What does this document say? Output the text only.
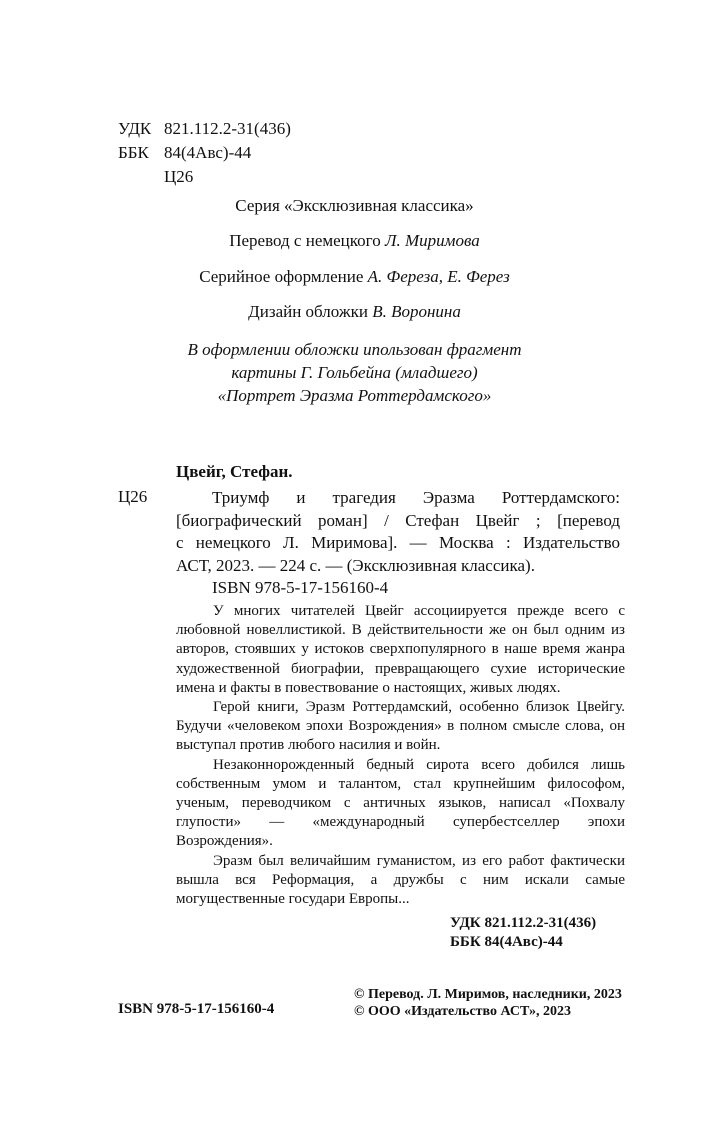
УДК 821.112.2-31(436)
ББК 84(4Авс)-44
Ц26
Серия «Эксклюзивная классика»
Перевод с немецкого Л. Миримова
Серийное оформление А. Фереза, Е. Ферез
Дизайн обложки В. Воронина
В оформлении обложки ипользован фрагмент
картины Г. Гольбейна (младшего)
«Портрет Эразма Роттердамского»
Цвейг, Стефан.
Ц26	Триумф и трагедия Эразма Роттердамского:

[биографический роман] / Стефан Цвейг ; [перевод

с немецкого Л. Миримова]. — Москва : Издательство

АСТ, 2023. — 224 с. — (Эксклюзивная классика).

ISBN 978-5-17-156160-4

У многих читателей Цвейг ассоциируется прежде всего с любовной новеллистикой. В действительности же он был одним из авторов, стоявших у истоков сверхпопулярного в наше время жанра художественной биографии, превращающего сухие исторические имена и факты в повествование о настоящих, живых людях.

Герой книги, Эразм Роттердамский, особенно близок Цвейгу. Будучи «человеком эпохи Возрождения» в полном смысле слова, он выступал против любого насилия и войн.

Незаконнорожденный бедный сирота всего добился лишь собственным умом и талантом, стал крупнейшим философом, ученым, переводчиком с античных языков, написал «Похвалу глупости» — «международный супербестселлер эпохи Возрождения».

Эразм был величайшим гуманистом, из его работ фактически вышла вся Реформация, а дружбы с ним искали самые могущественные государи Европы...

УДК 821.112.2-31(436)
ББК 84(4Авс)-44
ISBN 978-5-17-156160-4
© Перевод. Л. Миримов, наследники, 2023
© ООО «Издательство АСТ», 2023
